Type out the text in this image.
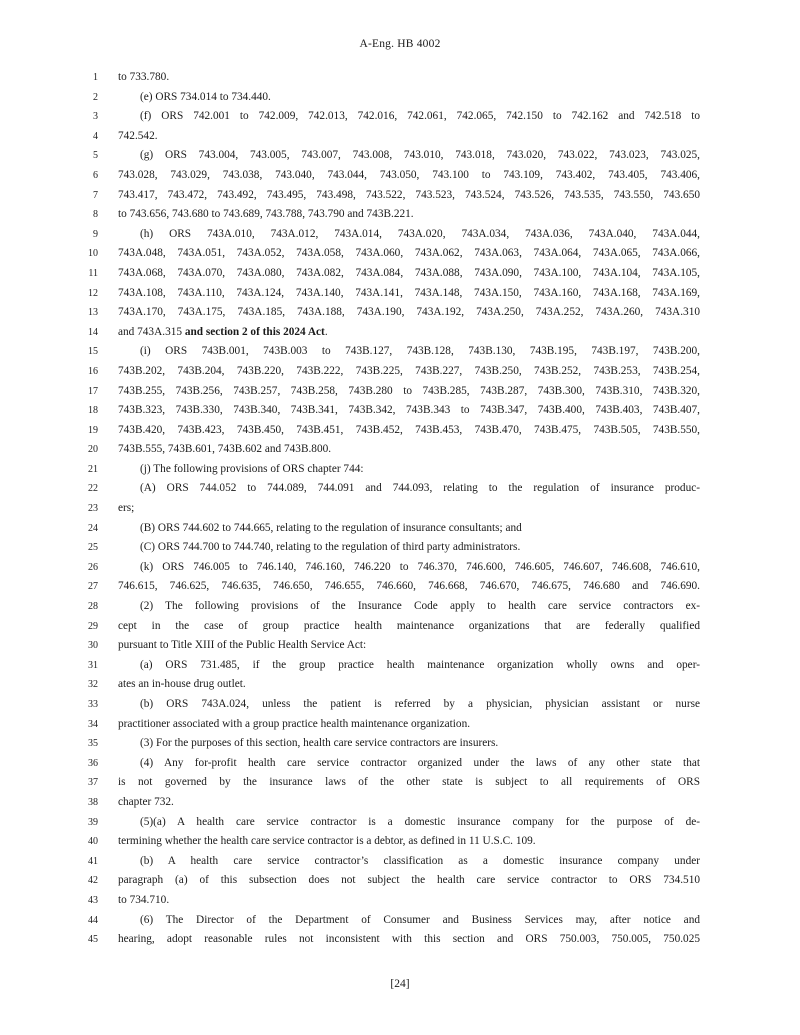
A-Eng. HB 4002
1 to 733.780.
2	(e) ORS 734.014 to 734.440.
3	(f) ORS 742.001 to 742.009, 742.013, 742.016, 742.061, 742.065, 742.150 to 742.162 and 742.518 to
4 742.542.
5	(g) ORS 743.004, 743.005, 743.007, 743.008, 743.010, 743.018, 743.020, 743.022, 743.023, 743.025,
6 743.028, 743.029, 743.038, 743.040, 743.044, 743.050, 743.100 to 743.109, 743.402, 743.405, 743.406,
7 743.417, 743.472, 743.492, 743.495, 743.498, 743.522, 743.523, 743.524, 743.526, 743.535, 743.550, 743.650
8 to 743.656, 743.680 to 743.689, 743.788, 743.790 and 743B.221.
9	(h) ORS 743A.010, 743A.012, 743A.014, 743A.020, 743A.034, 743A.036, 743A.040, 743A.044,
10 743A.048, 743A.051, 743A.052, 743A.058, 743A.060, 743A.062, 743A.063, 743A.064, 743A.065, 743A.066,
11 743A.068, 743A.070, 743A.080, 743A.082, 743A.084, 743A.088, 743A.090, 743A.100, 743A.104, 743A.105,
12 743A.108, 743A.110, 743A.124, 743A.140, 743A.141, 743A.148, 743A.150, 743A.160, 743A.168, 743A.169,
13 743A.170, 743A.175, 743A.185, 743A.188, 743A.190, 743A.192, 743A.250, 743A.252, 743A.260, 743A.310
14 and 743A.315 and section 2 of this 2024 Act.
15	(i) ORS 743B.001, 743B.003 to 743B.127, 743B.128, 743B.130, 743B.195, 743B.197, 743B.200,
16 743B.202, 743B.204, 743B.220, 743B.222, 743B.225, 743B.227, 743B.250, 743B.252, 743B.253, 743B.254,
17 743B.255, 743B.256, 743B.257, 743B.258, 743B.280 to 743B.285, 743B.287, 743B.300, 743B.310, 743B.320,
18 743B.323, 743B.330, 743B.340, 743B.341, 743B.342, 743B.343 to 743B.347, 743B.400, 743B.403, 743B.407,
19 743B.420, 743B.423, 743B.450, 743B.451, 743B.452, 743B.453, 743B.470, 743B.475, 743B.505, 743B.550,
20 743B.555, 743B.601, 743B.602 and 743B.800.
21	(j) The following provisions of ORS chapter 744:
22	(A) ORS 744.052 to 744.089, 744.091 and 744.093, relating to the regulation of insurance produc-
23 ers;
24	(B) ORS 744.602 to 744.665, relating to the regulation of insurance consultants; and
25	(C) ORS 744.700 to 744.740, relating to the regulation of third party administrators.
26	(k) ORS 746.005 to 746.140, 746.160, 746.220 to 746.370, 746.600, 746.605, 746.607, 746.608, 746.610,
27 746.615, 746.625, 746.635, 746.650, 746.655, 746.660, 746.668, 746.670, 746.675, 746.680 and 746.690.
28	(2) The following provisions of the Insurance Code apply to health care service contractors ex-
29 cept in the case of group practice health maintenance organizations that are federally qualified
30 pursuant to Title XIII of the Public Health Service Act:
31	(a) ORS 731.485, if the group practice health maintenance organization wholly owns and oper-
32 ates an in-house drug outlet.
33	(b) ORS 743A.024, unless the patient is referred by a physician, physician assistant or nurse
34 practitioner associated with a group practice health maintenance organization.
35	(3) For the purposes of this section, health care service contractors are insurers.
36	(4) Any for-profit health care service contractor organized under the laws of any other state that
37 is not governed by the insurance laws of the other state is subject to all requirements of ORS
38 chapter 732.
39	(5)(a) A health care service contractor is a domestic insurance company for the purpose of de-
40 termining whether the health care service contractor is a debtor, as defined in 11 U.S.C. 109.
41	(b) A health care service contractor’s classification as a domestic insurance company under
42 paragraph (a) of this subsection does not subject the health care service contractor to ORS 734.510
43 to 734.710.
44	(6) The Director of the Department of Consumer and Business Services may, after notice and
45 hearing, adopt reasonable rules not inconsistent with this section and ORS 750.003, 750.005, 750.025
[24]
